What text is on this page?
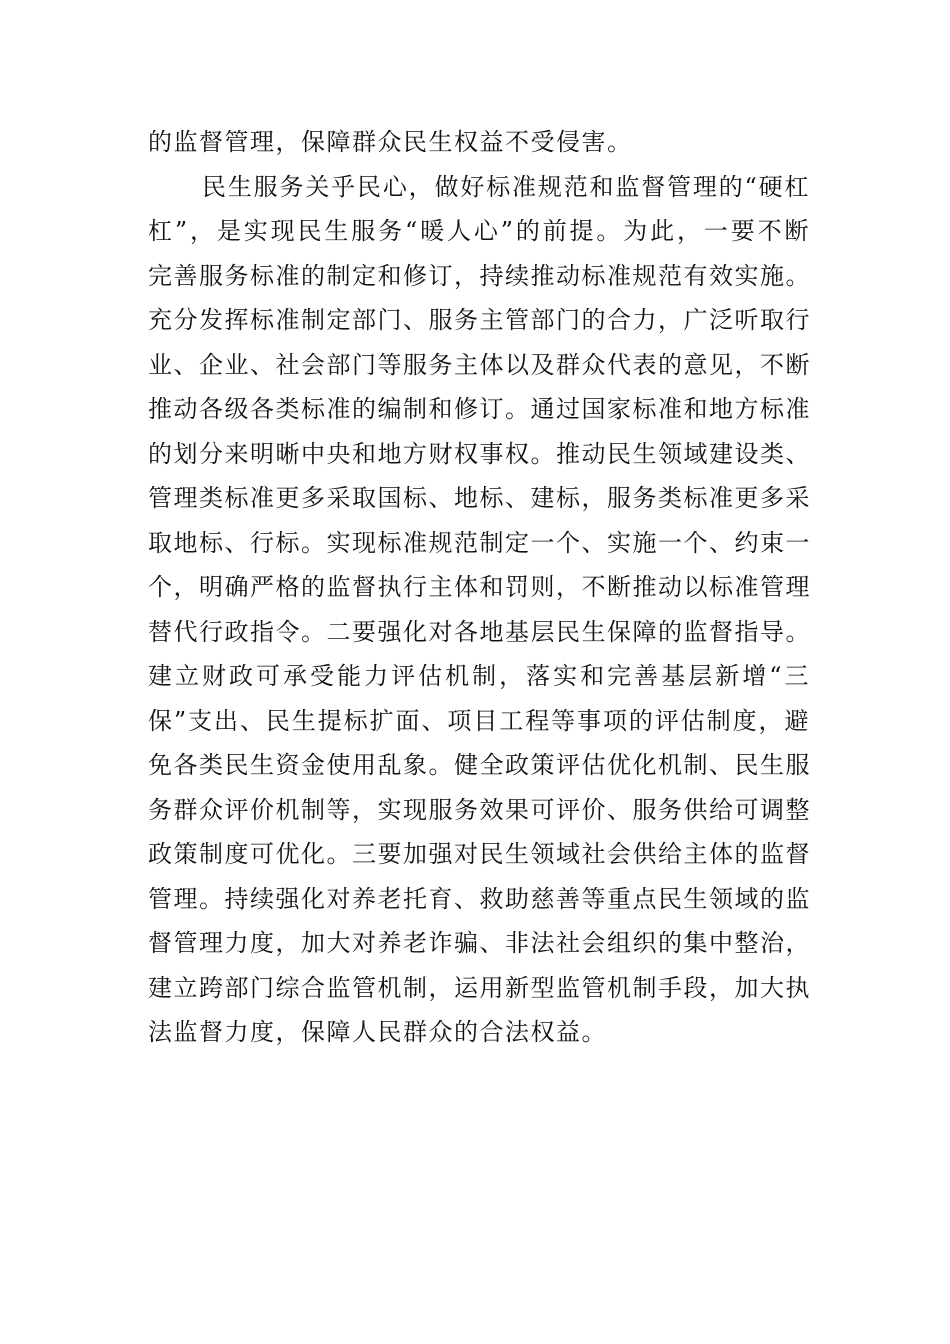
的监督管理，保障群众民生权益不受侵害。
民生服务关乎民心，做好标准规范和监督管理的“硬杠
杠”，是实现民生服务“暖人心”的前提。为此，一要不断
完善服务标准的制定和修订，持续推动标准规范有效实施。
充分发挥标准制定部门、服务主管部门的合力，广泛听取行
业、企业、社会部门等服务主体以及群众代表的意见，不断
推动各级各类标准的编制和修订。通过国家标准和地方标准
的划分来明晰中央和地方财权事权。推动民生领域建设类、
管理类标准更多采取国标、地标、建标，服务类标准更多采
取地标、行标。实现标准规范制定一个、实施一个、约束一
个，明确严格的监督执行主体和罚则，不断推动以标准管理
替代行政指令。二要强化对各地基层民生保障的监督指导。
建立财政可承受能力评估机制，落实和完善基层新增“三
保”支出、民生提标扩面、项目工程等事项的评估制度，避
免各类民生资金使用乱象。健全政策评估优化机制、民生服
务群众评价机制等，实现服务效果可评价、服务供给可调整
政策制度可优化。三要加强对民生领域社会供给主体的监督
管理。持续强化对养老托育、救助慈善等重点民生领域的监
督管理力度，加大对养老诈骗、非法社会组织的集中整治，
建立跨部门综合监管机制，运用新型监管机制手段，加大执
法监督力度，保障人民群众的合法权益。
